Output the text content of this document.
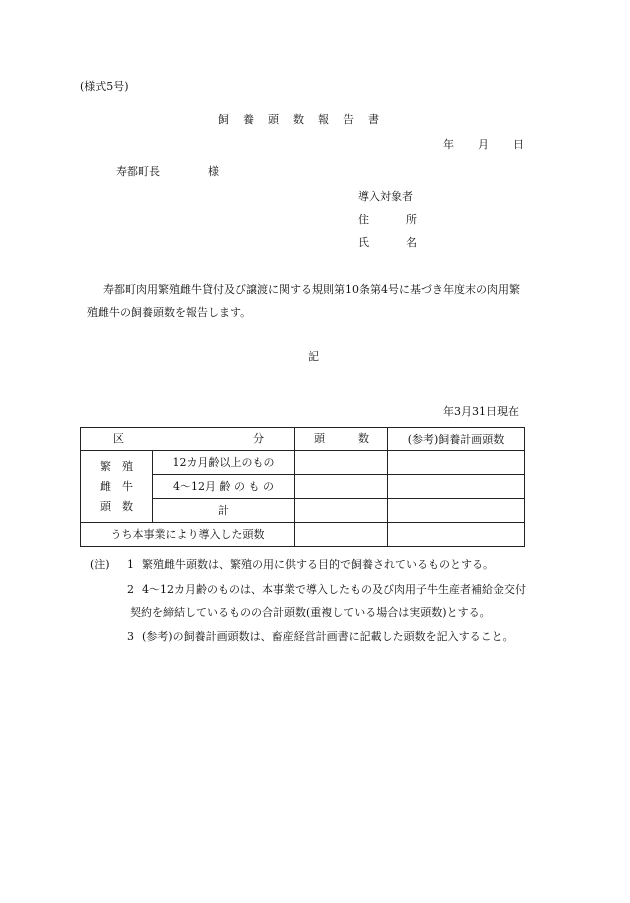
(様式5号)
飼養頭数報告書
年 月 日
寿都町長	様
導入対象者
住	所
氏	名
寿都町肉用繁殖雌牛貸付及び譲渡に関する規則第10条第4号に基づき年度末の肉用繁
殖雌牛の飼養頭数を報告します。
記
年3月31日現在
区 分		頭 数	(参考)飼養計画頭数

繁　殖
雌　牛
頭　数	12カ月齢以上のもの		
	4〜12月 齢 の も の		
	計		
うち本事業により導入した頭数			
(注) 1 繁殖雌牛頭数は、繁殖の用に供する目的で飼養されているものとする。
2 4〜12カ月齢のものは、本事業で導入したもの及び肉用子牛生産者補給金交付
契約を締結しているものの合計頭数(重複している場合は実頭数)とする。
3 (参考)の飼養計画頭数は、畜産経営計画書に記載した頭数を記入すること。
